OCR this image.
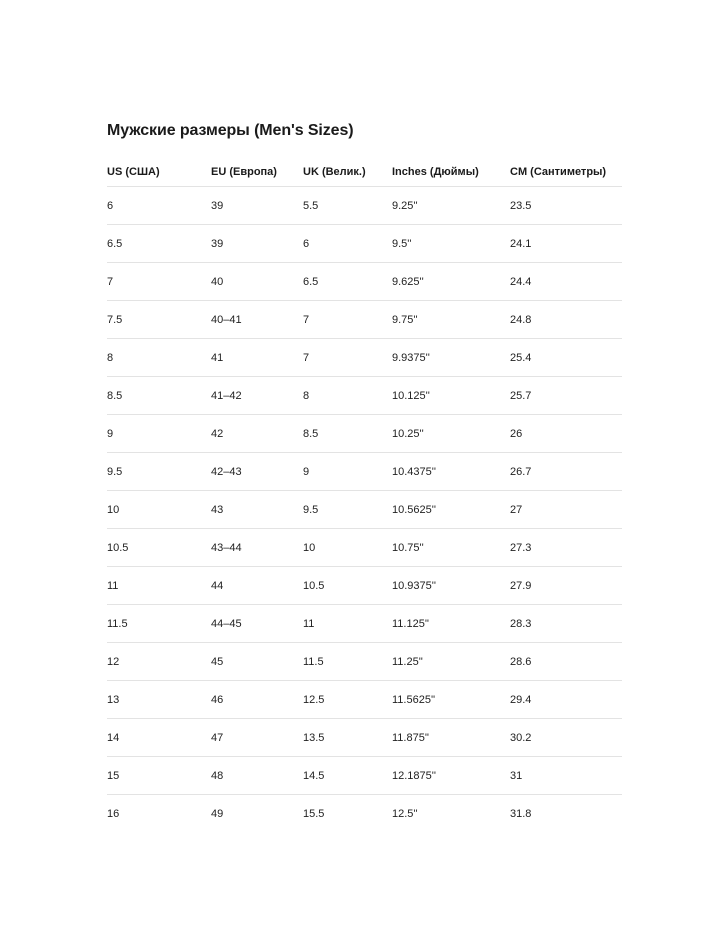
Мужские размеры (Men's Sizes)
US (США)	EU (Европа)	UK (Велик.)	Inches (Дюймы)	CM (Сантиметры)
6	39	5.5	9.25''	23.5
6.5	39	6	9.5''	24.1
7	40	6.5	9.625''	24.4
7.5	40–41	7	9.75''	24.8
8	41	7	9.9375''	25.4
8.5	41–42	8	10.125''	25.7
9	42	8.5	10.25''	26
9.5	42–43	9	10.4375''	26.7
10	43	9.5	10.5625''	27
10.5	43–44	10	10.75''	27.3
11	44	10.5	10.9375''	27.9
11.5	44–45	11	11.125''	28.3
12	45	11.5	11.25''	28.6
13	46	12.5	11.5625''	29.4
14	47	13.5	11.875''	30.2
15	48	14.5	12.1875''	31
16	49	15.5	12.5''	31.8
